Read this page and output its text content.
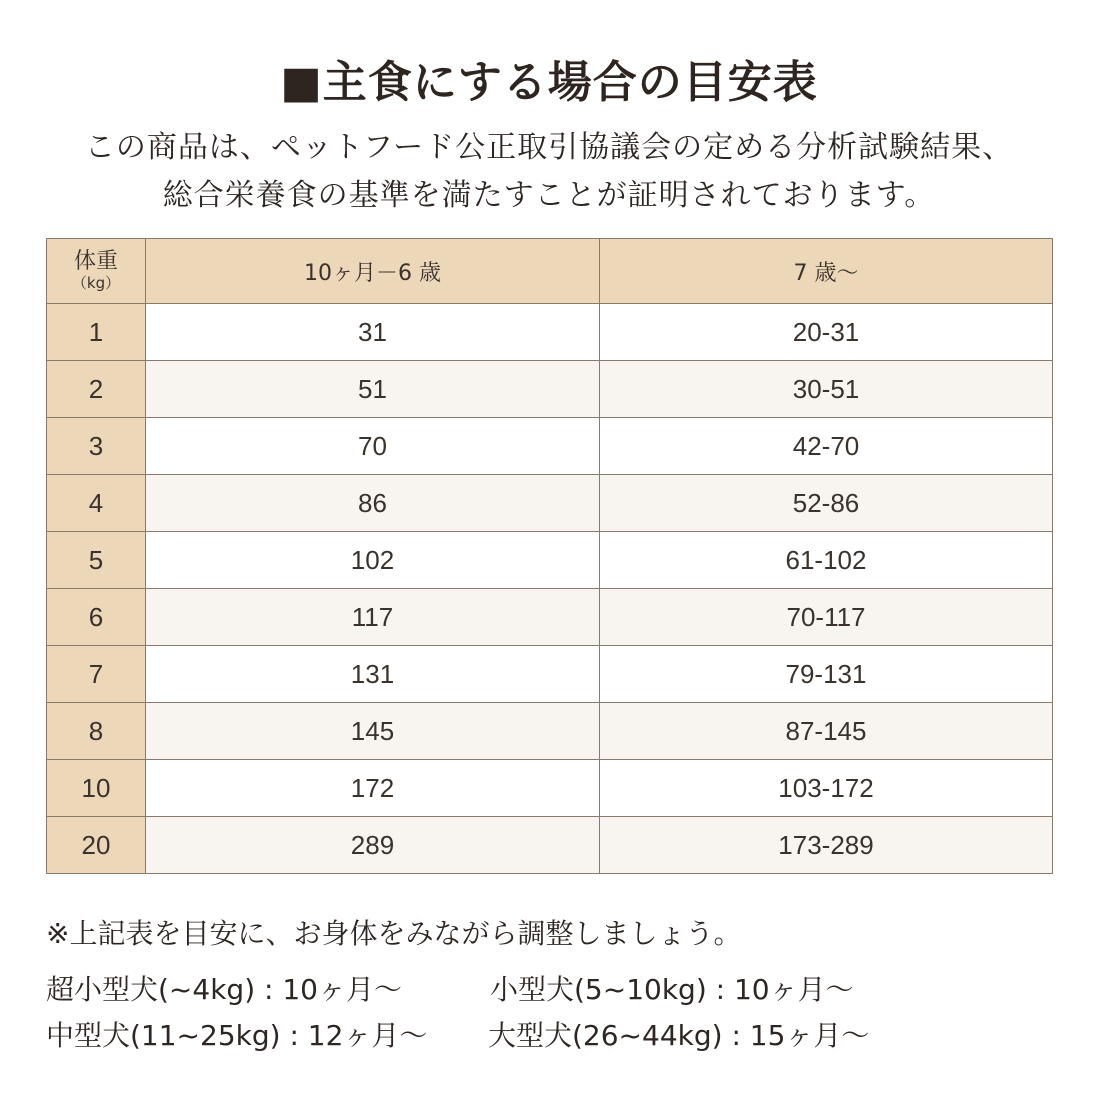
■主食にする場合の目安表
この商品は、ペットフード公正取引協議会の定める分析試験結果、
総合栄養食の基準を満たすことが証明されております。
体重
（kg）	10ヶ月－6 歳	7 歳～
1	31	20-31
2	51	30-51
3	70	42-70
4	86	52-86
5	102	61-102
6	117	70-117
7	131	79-131
8	145	87-145
10	172	103-172
20	289	173-289
※上記表を目安に、お身体をみながら調整しましょう。
超小型犬(~4kg) : 10ヶ月～	小型犬(5~10kg) : 10ヶ月～
中型犬(11~25kg) : 12ヶ月～ 大型犬(26~44kg) : 15ヶ月～
